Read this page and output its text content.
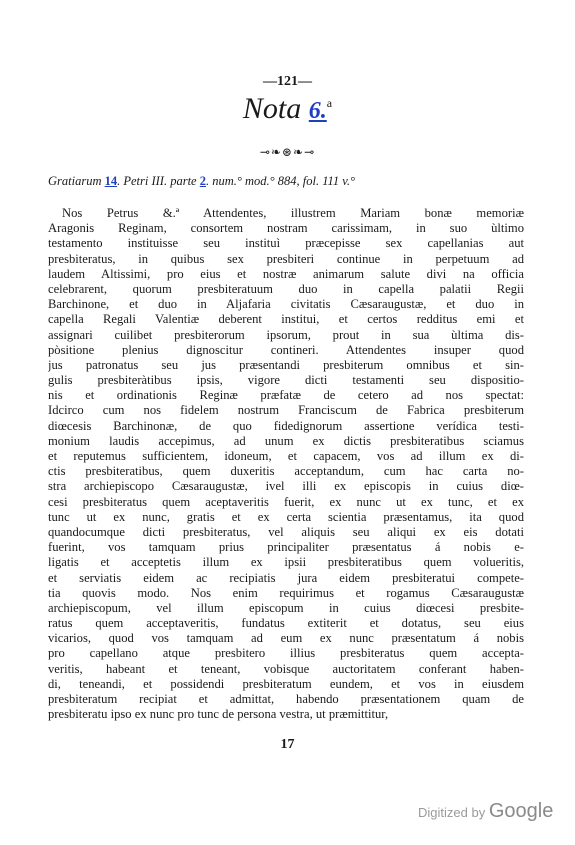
—121—
Nota 6.$^a$
⊸❧⊛❧⊸
Gratiarum 14. Petri III. parte 2. num.° mod.° 884, fol. 111 v.°
Nos Petrus &.ª Attendentes, illustrem Mariam bonæ memoriæ
Aragonis Reginam, consortem nostram carissimam, in suo ùltimo
testamento instituisse seu instituì præcepisse sex capellanias aut
presbiteratus, in quibus sex presbiteri continue in perpetuum ad
laudem Altissimi, pro eius et nostræ animarum salute divi na officia
celebrarent, quorum presbiteratuum duo in capella palatii Regii
Barchinone, et duo in Aljafaria civitatis Cæsaraugustæ, et duo in
capella Regali Valentiæ deberent institui, et certos redditus emi et
assignari cuilibet presbiterorum ipsorum, prout in sua ùltima dis-
pòsitione plenius dignoscitur contineri. Attendentes insuper quod
jus patronatus seu jus præsentandi presbiterum omnibus et sin-
gulis presbiteràtibus ipsis, vigore dicti testamenti seu dispositio-
nis et ordinationis Reginæ præfatæ de cetero ad nos spectat:
Idcirco cum nos fidelem nostrum Franciscum de Fabrica presbiterum
diœcesis Barchinonæ, de quo fidedignorum assertione verídica testi-
monium laudis accepimus, ad unum ex dictis presbiteratibus sciamus
et reputemus sufficientem, idoneum, et capacem, vos ad illum ex di-
ctis presbiteratibus, quem duxeritis acceptandum, cum hac carta no-
stra archiepiscopo Cæsaraugustæ, ivel illi ex episcopis in cuius diœ-
cesi presbiteratus quem aceptaveritis fuerit, ex nunc ut ex tunc, et ex
tunc ut ex nunc, gratis et ex certa scientia præsentamus, ita quod
quandocumque dicti presbiteratus, vel aliquis seu aliqui ex eis dotati
fuerint, vos tamquam prius principaliter præsentatus á nobis e-
ligatis et acceptetis illum ex ipsii presbiteratibus quem volueritis,
et serviatis eidem ac recipiatis jura eidem presbiteratui compete-
tia quovis modo. Nos enim requirimus et rogamus Cæsaraugustæ
archiepiscopum, vel illum episcopum in cuius diœcesi presbite-
ratus quem acceptaveritis, fundatus extiterit et dotatus, seu eius
vicarios, quod vos tamquam ad eum ex nunc præsentatum á nobis
pro capellano atque presbitero illius presbiteratus quem accepta-
veritis, habeant et teneant, vobisque auctoritatem conferant haben-
di, teneandi, et possidendi presbiteratum eundem, et vos in eiusdem
presbiteratum recipiat et admittat, habendo præsentationem quam de
presbiteratu ipso ex nunc pro tunc de persona vestra, ut præmittitur,
17
Digitized by Google
